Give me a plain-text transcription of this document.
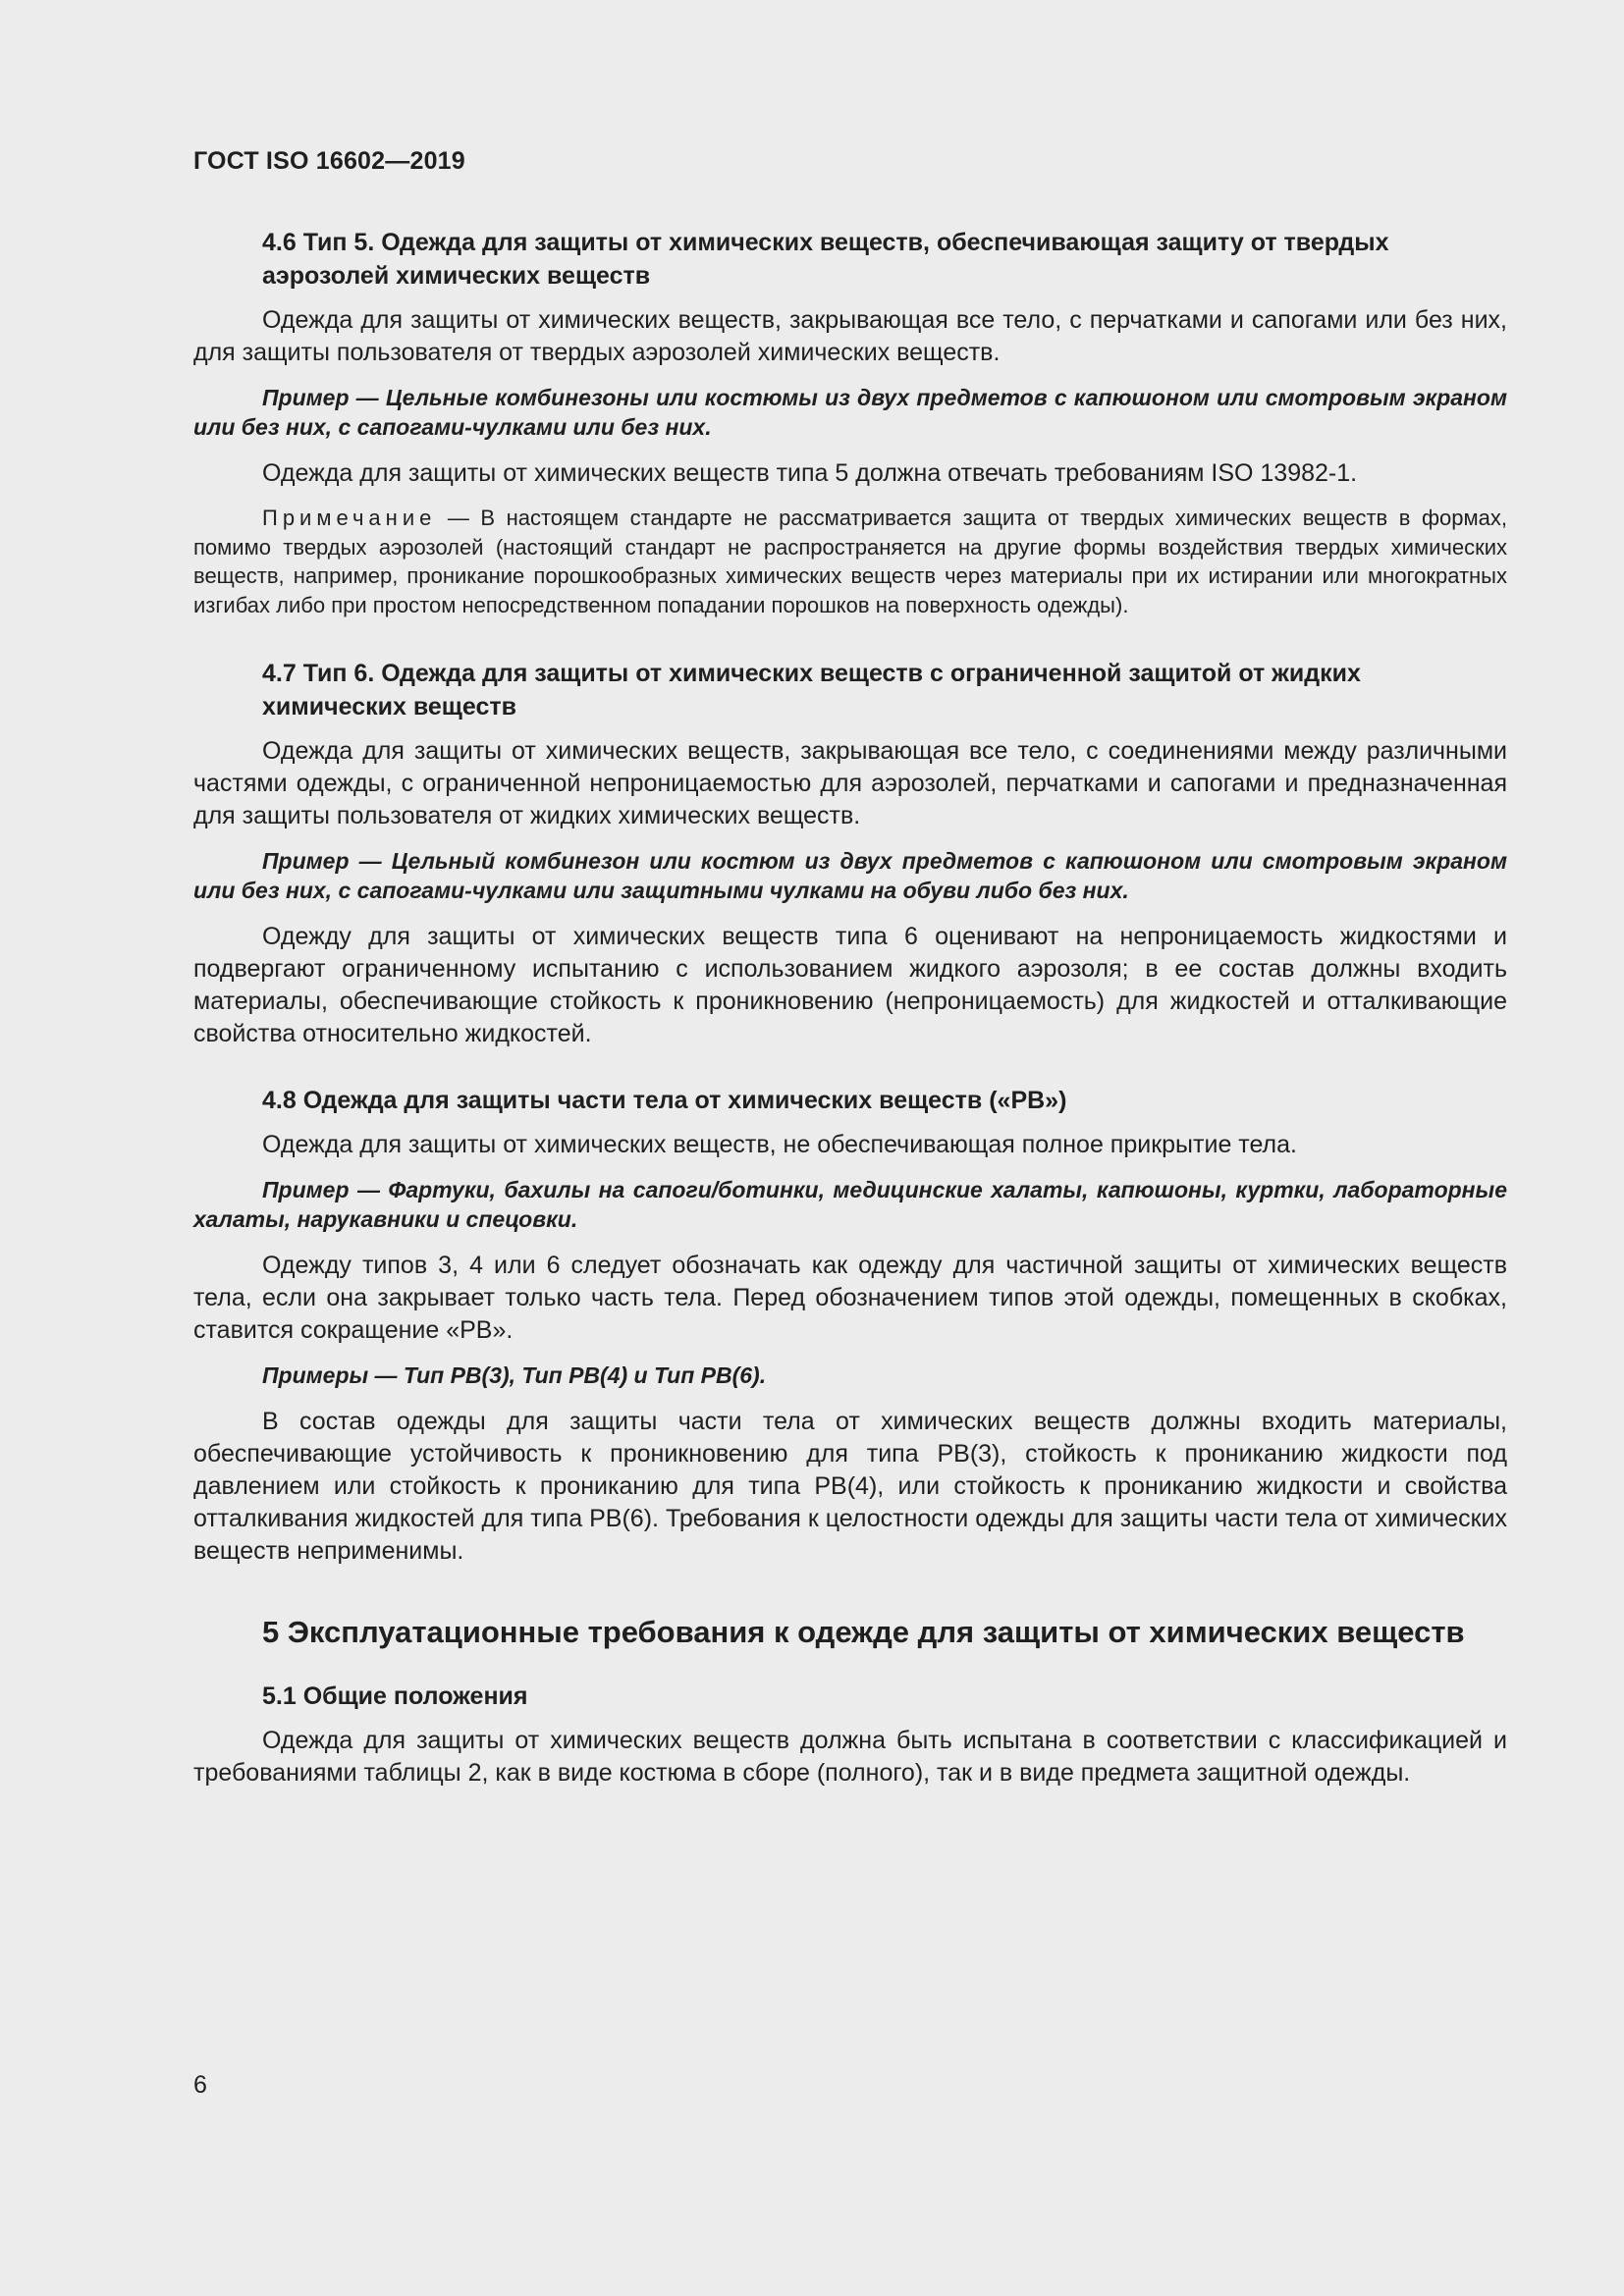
ГОСТ ISO 16602—2019
4.6 Тип 5. Одежда для защиты от химических веществ, обеспечивающая защиту от твердых аэрозолей химических веществ
Одежда для защиты от химических веществ, закрывающая все тело, с перчатками и сапогами или без них, для защиты пользователя от твердых аэрозолей химических веществ.
Пример — Цельные комбинезоны или костюмы из двух предметов с капюшоном или смотровым экраном или без них, с сапогами-чулками или без них.
Одежда для защиты от химических веществ типа 5 должна отвечать требованиям ISO 13982-1.
Примечание — В настоящем стандарте не рассматривается защита от твердых химических веществ в формах, помимо твердых аэрозолей (настоящий стандарт не распространяется на другие формы воздействия твердых химических веществ, например, проникание порошкообразных химических веществ через материалы при их истирании или многократных изгибах либо при простом непосредственном попадании порошков на поверхность одежды).
4.7 Тип 6. Одежда для защиты от химических веществ с ограниченной защитой от жидких химических веществ
Одежда для защиты от химических веществ, закрывающая все тело, с соединениями между различными частями одежды, с ограниченной непроницаемостью для аэрозолей, перчатками и сапогами и предназначенная для защиты пользователя от жидких химических веществ.
Пример — Цельный комбинезон или костюм из двух предметов с капюшоном или смотровым экраном или без них, с сапогами-чулками или защитными чулками на обуви либо без них.
Одежду для защиты от химических веществ типа 6 оценивают на непроницаемость жидкостями и подвергают ограниченному испытанию с использованием жидкого аэрозоля; в ее состав должны входить материалы, обеспечивающие стойкость к проникновению (непроницаемость) для жидкостей и отталкивающие свойства относительно жидкостей.
4.8 Одежда для защиты части тела от химических веществ («PB»)
Одежда для защиты от химических веществ, не обеспечивающая полное прикрытие тела.
Пример — Фартуки, бахилы на сапоги/ботинки, медицинские халаты, капюшоны, куртки, лабораторные халаты, нарукавники и спецовки.
Одежду типов 3, 4 или 6 следует обозначать как одежду для частичной защиты от химических веществ тела, если она закрывает только часть тела. Перед обозначением типов этой одежды, помещенных в скобках, ставится сокращение «PB».
Примеры — Тип PB(3), Тип PB(4) и Тип PB(6).
В состав одежды для защиты части тела от химических веществ должны входить материалы, обеспечивающие устойчивость к проникновению для типа PB(3), стойкость к прониканию жидкости под давлением или стойкость к прониканию для типа PB(4), или стойкость к прониканию жидкости и свойства отталкивания жидкостей для типа PB(6). Требования к целостности одежды для защиты части тела от химических веществ неприменимы.
5 Эксплуатационные требования к одежде для защиты от химических веществ
5.1 Общие положения
Одежда для защиты от химических веществ должна быть испытана в соответствии с классификацией и требованиями таблицы 2, как в виде костюма в сборе (полного), так и в виде предмета защитной одежды.
6
